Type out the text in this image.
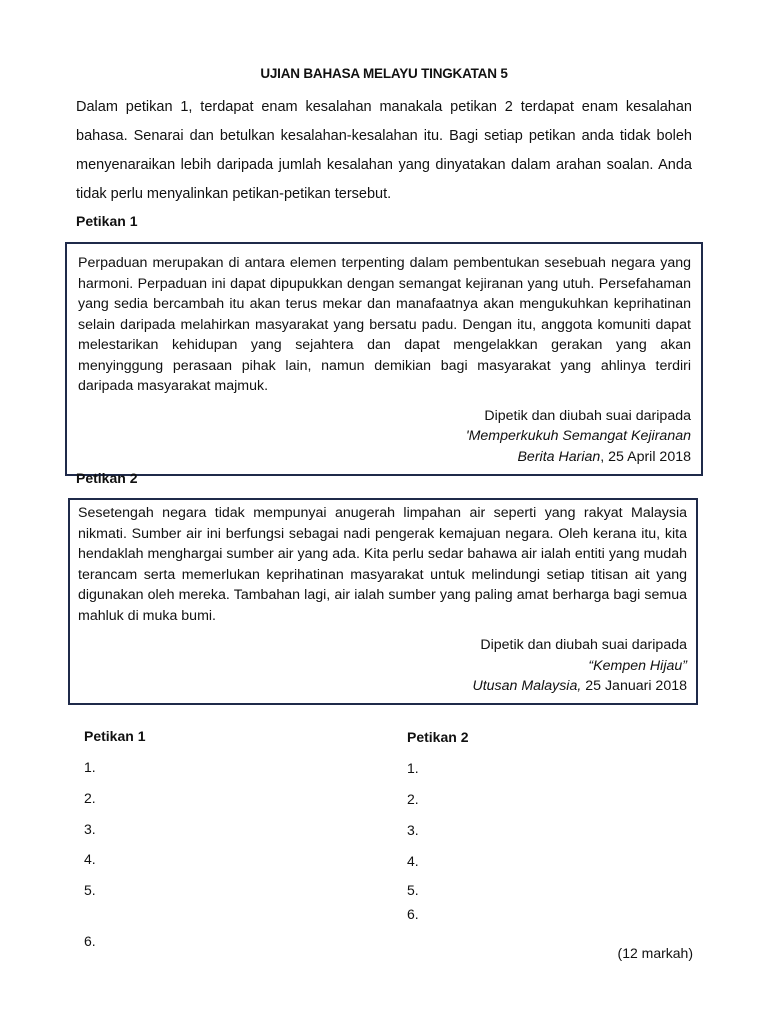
UJIAN BAHASA MELAYU TINGKATAN 5
Dalam petikan 1, terdapat enam kesalahan manakala petikan 2 terdapat enam kesalahan bahasa. Senarai dan betulkan kesalahan-kesalahan itu. Bagi setiap petikan anda tidak boleh menyenaraikan lebih daripada jumlah kesalahan yang dinyatakan dalam arahan soalan. Anda tidak perlu menyalinkan petikan-petikan tersebut.
Petikan 1

Perpaduan merupakan di antara elemen terpenting dalam pembentukan sesebuah negara yang harmoni. Perpaduan ini dapat dipupukkan dengan semangat kejiranan yang utuh. Persefahaman yang sedia bercambah itu akan terus mekar dan manafaatnya akan mengukuhkan keprihatinan selain daripada melahirkan masyarakat yang bersatu padu. Dengan itu, anggota komuniti dapat melestarikan kehidupan yang sejahtera dan dapat mengelakkan gerakan yang akan menyinggung perasaan pihak lain, namun demikian bagi masyarakat yang ahlinya terdiri daripada masyarakat majmuk.

Dipetik dan diubah suai daripada
'Memperkukuh Semangat Kejiranan
Berita Harian, 25 April 2018
Petikan 2

Sesetengah negara tidak mempunyai anugerah limpahan air seperti yang rakyat Malaysia nikmati. Sumber air ini berfungsi sebagai nadi pengerak kemajuan negara. Oleh kerana itu, kita hendaklah menghargai sumber air yang ada. Kita perlu sedar bahawa air ialah entiti yang mudah terancam serta memerlukan keprihatinan masyarakat untuk melindungi setiap titisan ait yang digunakan oleh mereka. Tambahan lagi, air ialah sumber yang paling amat berharga bagi semua mahluk di muka bumi.

Dipetik dan diubah suai daripada
“Kempen Hijau”
Utusan Malaysia, 25 Januari 2018
Petikan 1
1.
2.
3.
4.
5.
6.
Petikan 2
1.
2.
3.
4.
5.
6.
(12 markah)
